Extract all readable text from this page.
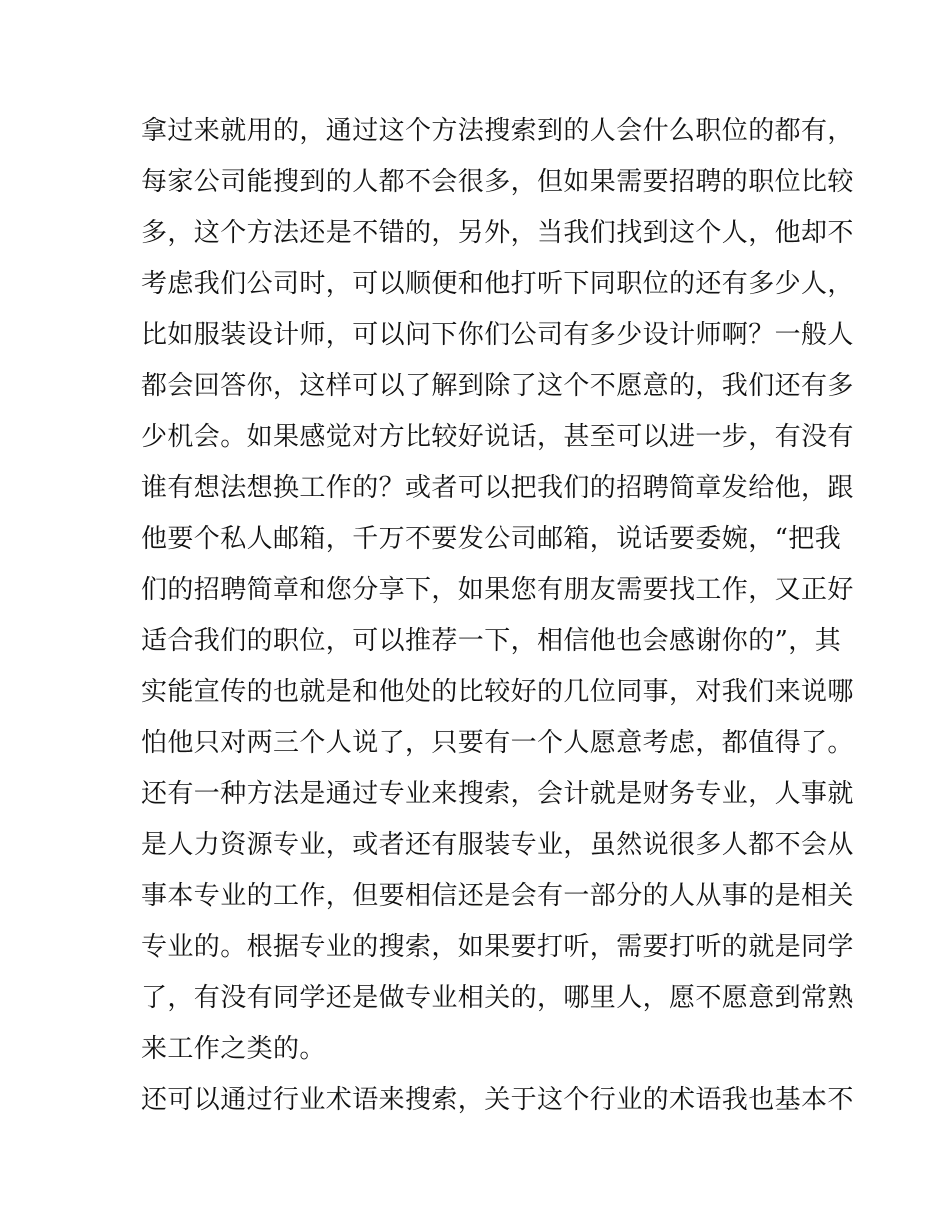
拿过来就用的，通过这个方法搜索到的人会什么职位的都有，
每家公司能搜到的人都不会很多，但如果需要招聘的职位比较
多，这个方法还是不错的，另外，当我们找到这个人，他却不
考虑我们公司时，可以顺便和他打听下同职位的还有多少人，
比如服装设计师，可以问下你们公司有多少设计师啊？一般人
都会回答你，这样可以了解到除了这个不愿意的，我们还有多
少机会。如果感觉对方比较好说话，甚至可以进一步，有没有
谁有想法想换工作的？或者可以把我们的招聘简章发给他，跟
他要个私人邮箱，千万不要发公司邮箱，说话要委婉，“把我
们的招聘简章和您分享下，如果您有朋友需要找工作，又正好
适合我们的职位，可以推荐一下，相信他也会感谢你的”，其
实能宣传的也就是和他处的比较好的几位同事，对我们来说哪
怕他只对两三个人说了，只要有一个人愿意考虑，都值得了。
还有一种方法是通过专业来搜索，会计就是财务专业，人事就
是人力资源专业，或者还有服装专业，虽然说很多人都不会从
事本专业的工作，但要相信还是会有一部分的人从事的是相关
专业的。根据专业的搜索，如果要打听，需要打听的就是同学
了，有没有同学还是做专业相关的，哪里人，愿不愿意到常熟
来工作之类的。
还可以通过行业术语来搜索，关于这个行业的术语我也基本不
